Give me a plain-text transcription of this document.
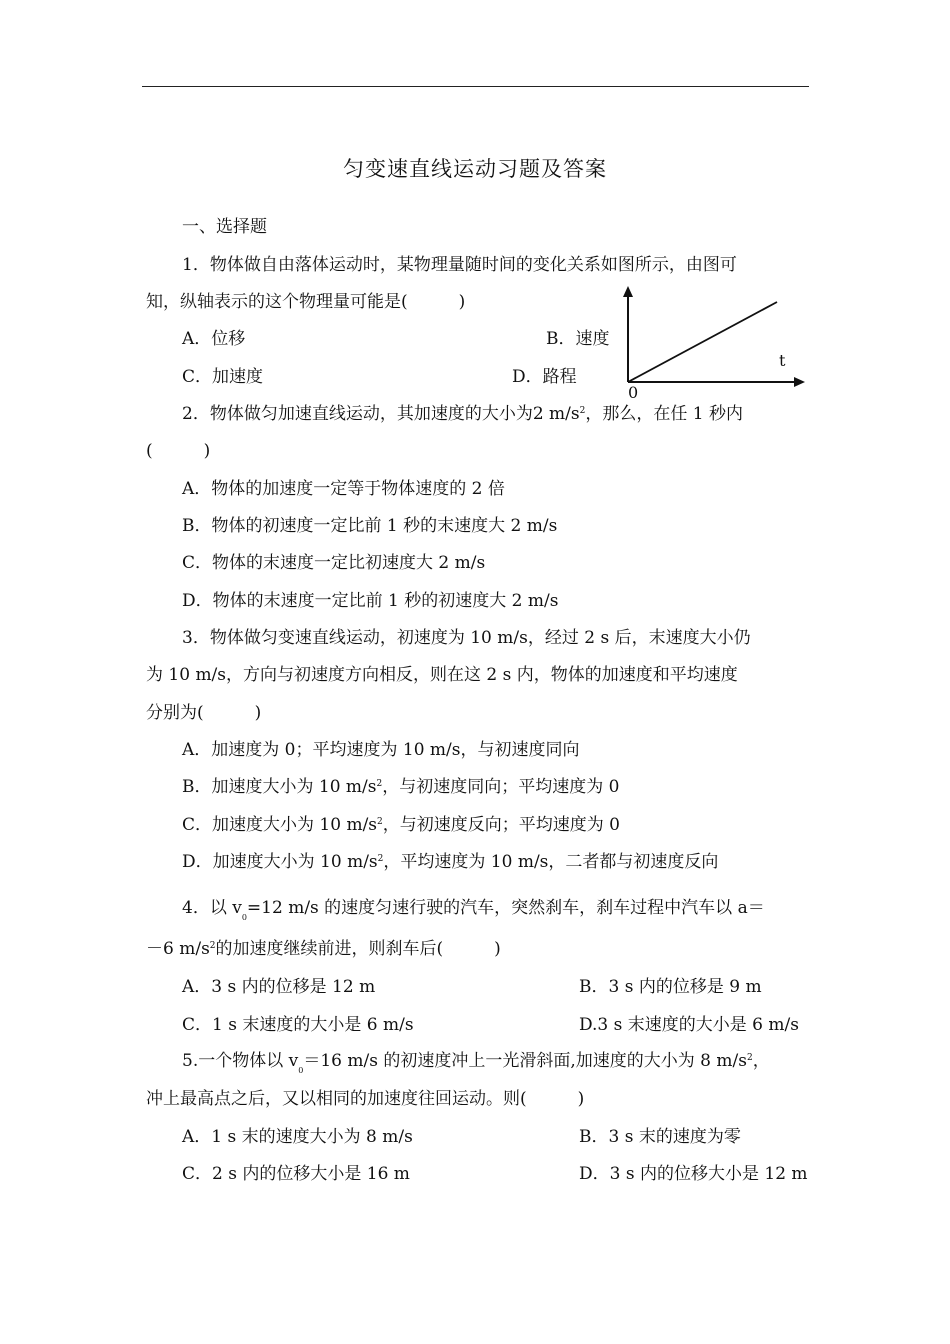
匀变速直线运动习题及答案
一、选择题
1．物体做自由落体运动时，某物理量随时间的变化关系如图所示，由图可
知，纵轴表示的这个物理量可能是(　　　)
A．位移	B．速度
C．加速度	D．路程
t
0
2．物体做匀加速直线运动，其加速度的大小为2 $m/s^2$，那么，在任 1 秒内
(　　　)
A．物体的加速度一定等于物体速度的 2 倍
B．物体的初速度一定比前 1 秒的末速度大 2 m/s
C．物体的末速度一定比初速度大 2 m/s
D．物体的末速度一定比前 1 秒的初速度大 2 m/s
3．物体做匀变速直线运动，初速度为 10 m/s，经过 2 s 后，末速度大小仍
为 10 m/s，方向与初速度方向相反，则在这 2 s 内，物体的加速度和平均速度
分别为(　　　)
A．加速度为 0；平均速度为 10 m/s，与初速度同向
B．加速度大小为 10 $m/s^2$，与初速度同向；平均速度为 0
C．加速度大小为 10 $m/s^2$，与初速度反向；平均速度为 0
D．加速度大小为 10 $m/s^2$，平均速度为 10 m/s，二者都与初速度反向
4．以 $v_0=12$ m/s 的速度匀速行驶的汽车，突然刹车，刹车过程中汽车以 a＝
－6 $m/s^2$的加速度继续前进，则刹车后(　　　)
A．3 s 内的位移是 12 m	B．3 s 内的位移是 9 m
C．1 s 末速度的大小是 6 m/s	D.3 s 末速度的大小是 6 m/s
5.一个物体以 $v_0=16$ m/s 的初速度冲上一光滑斜面,加速度的大小为 8 $m/s^2$，
冲上最高点之后，又以相同的加速度往回运动。则(　　　)
A．1 s 末的速度大小为 8 m/s	B．3 s 末的速度为零
C．2 s 内的位移大小是 16 m	D．3 s 内的位移大小是 12 m
